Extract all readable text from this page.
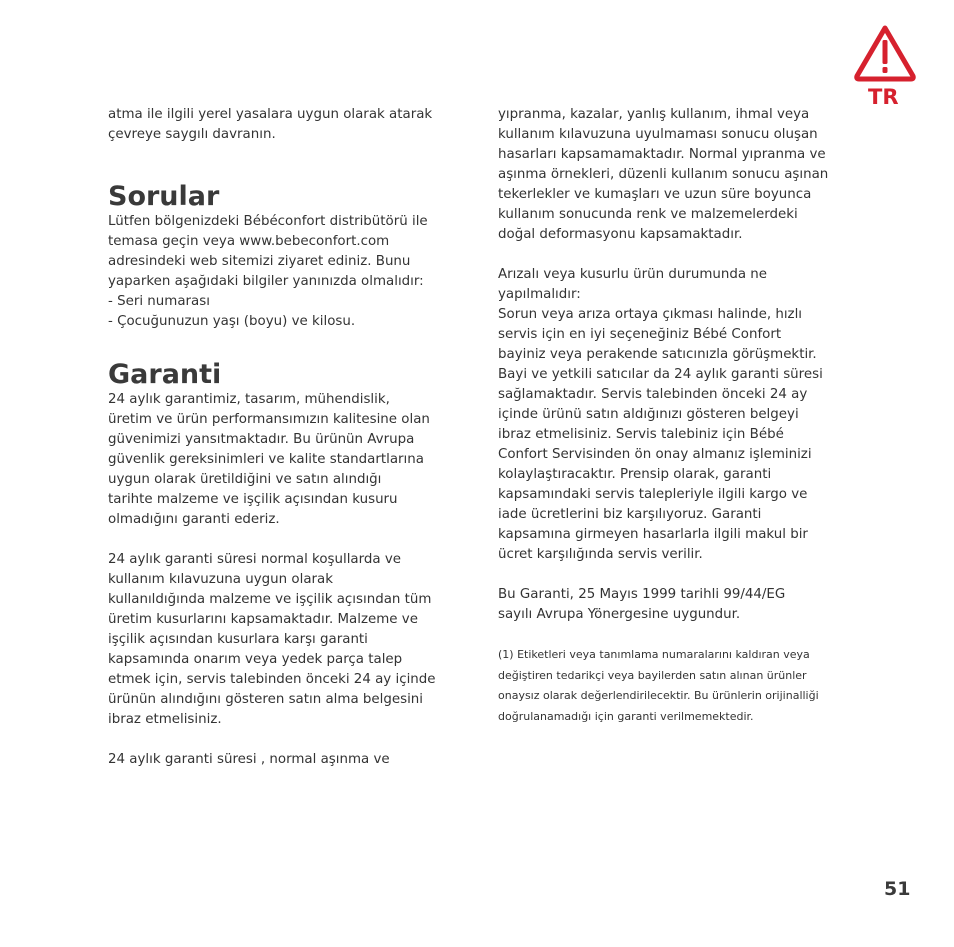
TR

atma ile ilgili yerel yasalara uygun olarak atarak
çevreye saygılı davranın.

Sorular

Lütfen bölgenizdeki Bébéconfort distribütörü ile
temasa geçin veya www.bebeconfort.com
adresindeki web sitemizi ziyaret ediniz. Bunu
yaparken aşağıdaki bilgiler yanınızda olmalıdır:
- Seri numarası
- Çocuğunuzun yaşı (boyu) ve kilosu.

Garanti

24 aylık garantimiz, tasarım, mühendislik,
üretim ve ürün performansımızın kalitesine olan
güvenimizi yansıtmaktadır. Bu ürünün Avrupa
güvenlik gereksinimleri ve kalite standartlarına
uygun olarak üretildiğini ve satın alındığı
tarihte malzeme ve işçilik açısından kusuru
olmadığını garanti ederiz.

24 aylık garanti süresi normal koşullarda ve
kullanım kılavuzuna uygun olarak
kullanıldığında malzeme ve işçilik açısından tüm
üretim kusurlarını kapsamaktadır. Malzeme ve
işçilik açısından kusurlara karşı garanti
kapsamında onarım veya yedek parça talep
etmek için, servis talebinden önceki 24 ay içinde
ürünün alındığını gösteren satın alma belgesini
ibraz etmelisiniz.

24 aylık garanti süresi , normal aşınma ve

yıpranma, kazalar, yanlış kullanım, ihmal veya
kullanım kılavuzuna uyulmaması sonucu oluşan
hasarları kapsamamaktadır. Normal yıpranma ve
aşınma örnekleri, düzenli kullanım sonucu aşınan
tekerlekler ve kumaşları ve uzun süre boyunca
kullanım sonucunda renk ve malzemelerdeki
doğal deformasyonu kapsamaktadır.

Arızalı veya kusurlu ürün durumunda ne
yapılmalıdır:
Sorun veya arıza ortaya çıkması halinde, hızlı
servis için en iyi seçeneğiniz Bébé Confort
bayiniz veya perakende satıcınızla görüşmektir.
Bayi ve yetkili satıcılar da 24 aylık garanti süresi
sağlamaktadır. Servis talebinden önceki 24 ay
içinde ürünü satın aldığınızı gösteren belgeyi
ibraz etmelisiniz. Servis talebiniz için Bébé
Confort Servisinden ön onay almanız işleminizi
kolaylaştıracaktır. Prensip olarak, garanti
kapsamındaki servis talepleriyle ilgili kargo ve
iade ücretlerini biz karşılıyoruz. Garanti
kapsamına girmeyen hasarlarla ilgili makul bir
ücret karşılığında servis verilir.

Bu Garanti, 25 Mayıs 1999 tarihli 99/44/EG
sayılı Avrupa Yönergesine uygundur.

(1) Etiketleri veya tanımlama numaralarını kaldıran veya
değiştiren tedarikçi veya bayilerden satın alınan ürünler
onaysız olarak değerlendirilecektir. Bu ürünlerin orijinalliği
doğrulanamadığı için garanti verilmemektedir.

51
